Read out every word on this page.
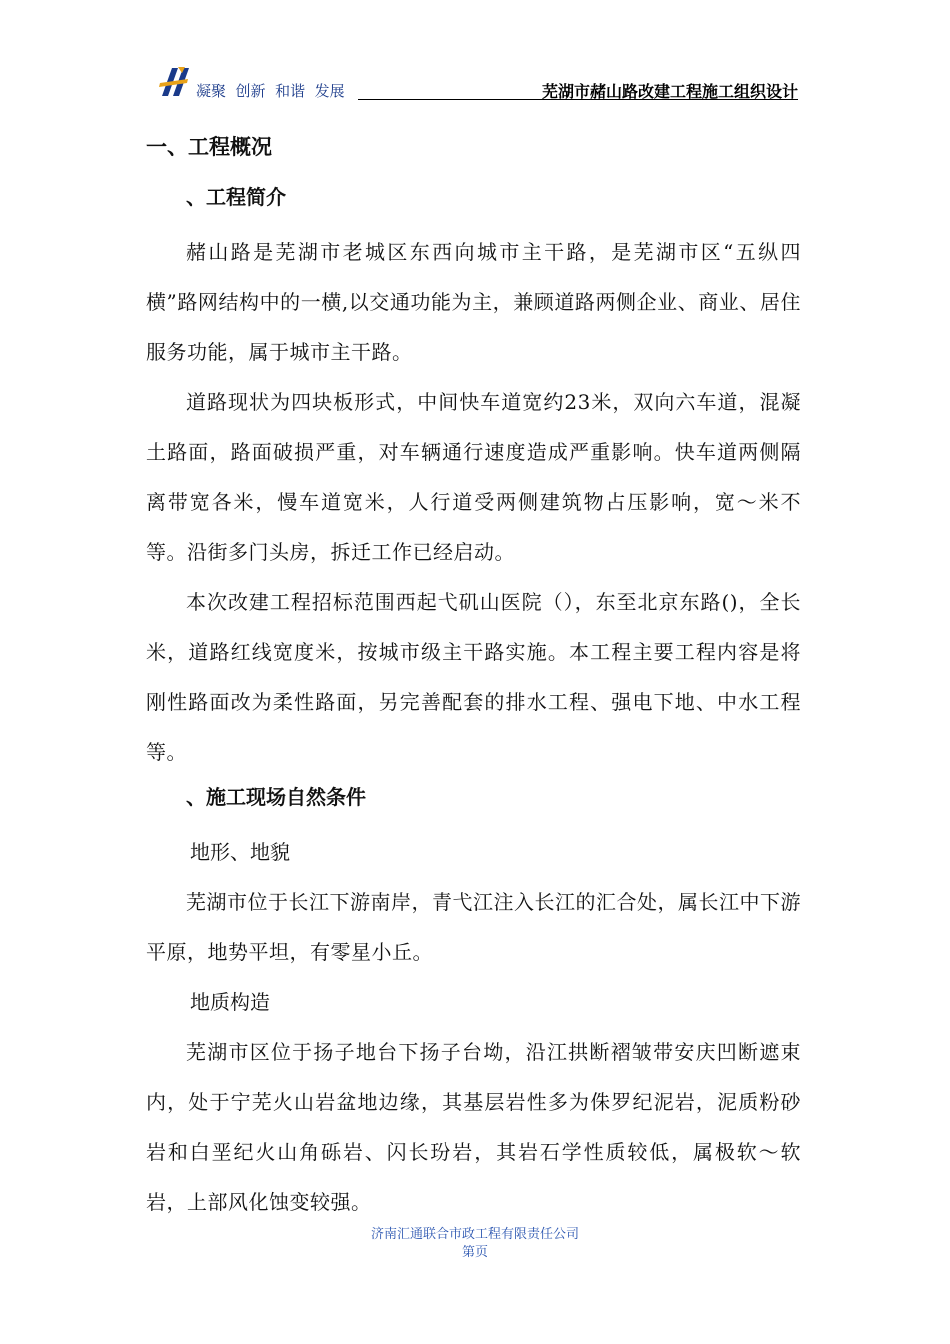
凝聚  创新  和谐  发展	芜湖市赭山路改建工程施工组织设计
一、工程概况
、工程简介

赭山路是芜湖市老城区东西向城市主干路，是芜湖市区“五纵四横”路网结构中的一横,以交通功能为主，兼顾道路两侧企业、商业、居住服务功能，属于城市主干路。

道路现状为四块板形式，中间快车道宽约23米，双向六车道，混凝土路面，路面破损严重，对车辆通行速度造成严重影响。快车道两侧隔离带宽各米，慢车道宽米，人行道受两侧建筑物占压影响，宽～米不等。沿街多门头房，拆迁工作已经启动。

本次改建工程招标范围西起弋矶山医院（），东至北京东路()，全长米，道路红线宽度米，按城市级主干路实施。本工程主要工程内容是将刚性路面改为柔性路面，另完善配套的排水工程、强电下地、中水工程等。

、施工现场自然条件
地形、地貌

芜湖市位于长江下游南岸，青弋江注入长江的汇合处，属长江中下游平原，地势平坦，有零星小丘。

地质构造

芜湖市区位于扬子地台下扬子台坳，沿江拱断褶皱带安庆凹断遮束内，处于宁芜火山岩盆地边缘，其基层岩性多为侏罗纪泥岩，泥质粉砂岩和白垩纪火山角砾岩、闪长玢岩，其岩石学性质较低，属极软～软岩，上部风化蚀变较强。

济南汇通联合市政工程有限责任公司
第页
